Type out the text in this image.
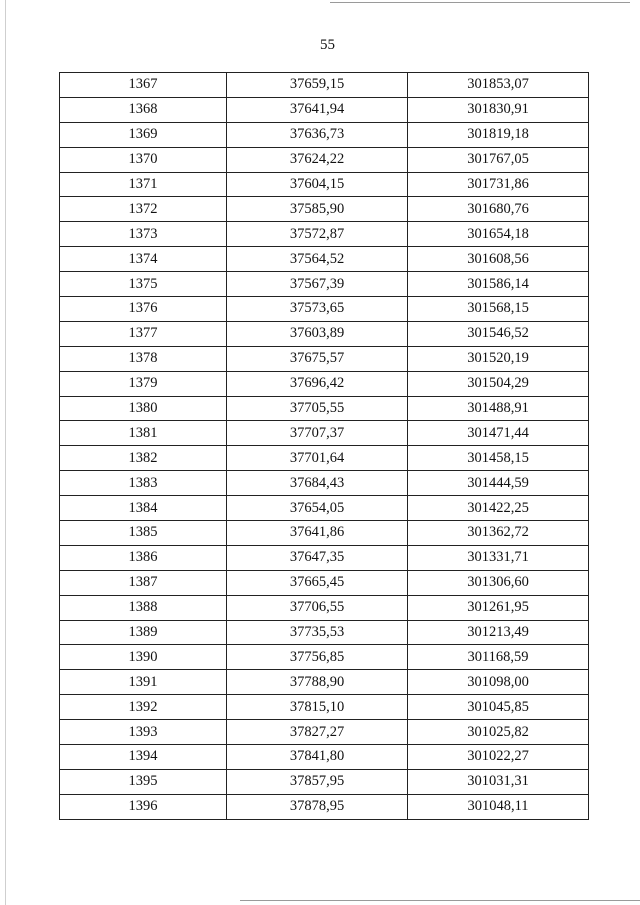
55
1367	37659,15	301853,07
1368	37641,94	301830,91
1369	37636,73	301819,18
1370	37624,22	301767,05
1371	37604,15	301731,86
1372	37585,90	301680,76
1373	37572,87	301654,18
1374	37564,52	301608,56
1375	37567,39	301586,14
1376	37573,65	301568,15
1377	37603,89	301546,52
1378	37675,57	301520,19
1379	37696,42	301504,29
1380	37705,55	301488,91
1381	37707,37	301471,44
1382	37701,64	301458,15
1383	37684,43	301444,59
1384	37654,05	301422,25
1385	37641,86	301362,72
1386	37647,35	301331,71
1387	37665,45	301306,60
1388	37706,55	301261,95
1389	37735,53	301213,49
1390	37756,85	301168,59
1391	37788,90	301098,00
1392	37815,10	301045,85
1393	37827,27	301025,82
1394	37841,80	301022,27
1395	37857,95	301031,31
1396	37878,95	301048,11
